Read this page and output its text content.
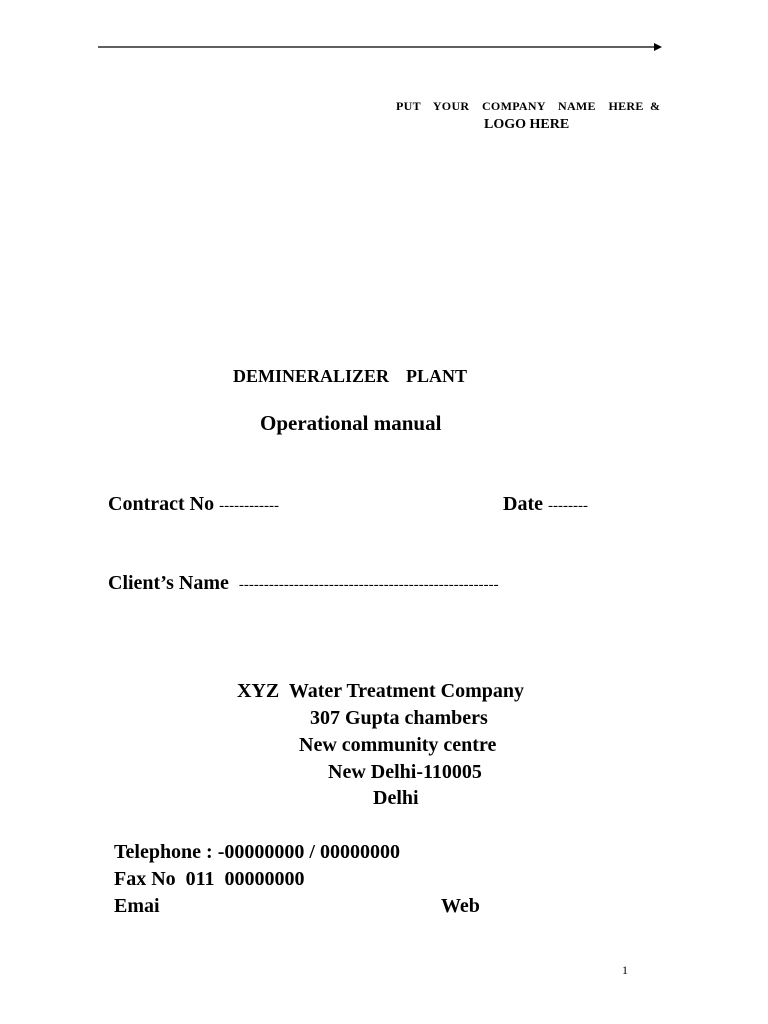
PUT  YOUR  COMPANY  NAME  HERE &
LOGO HERE
DEMINERALIZER  PLANT
Operational manual
Contract No ------------	Date --------
Client’s Name  ----------------------------------------------------
XYZ  Water Treatment Company
307 Gupta chambers
New community centre
New Delhi-110005
Delhi
Telephone : -00000000 / 00000000
Fax No  011  00000000
Emai	Web
1
